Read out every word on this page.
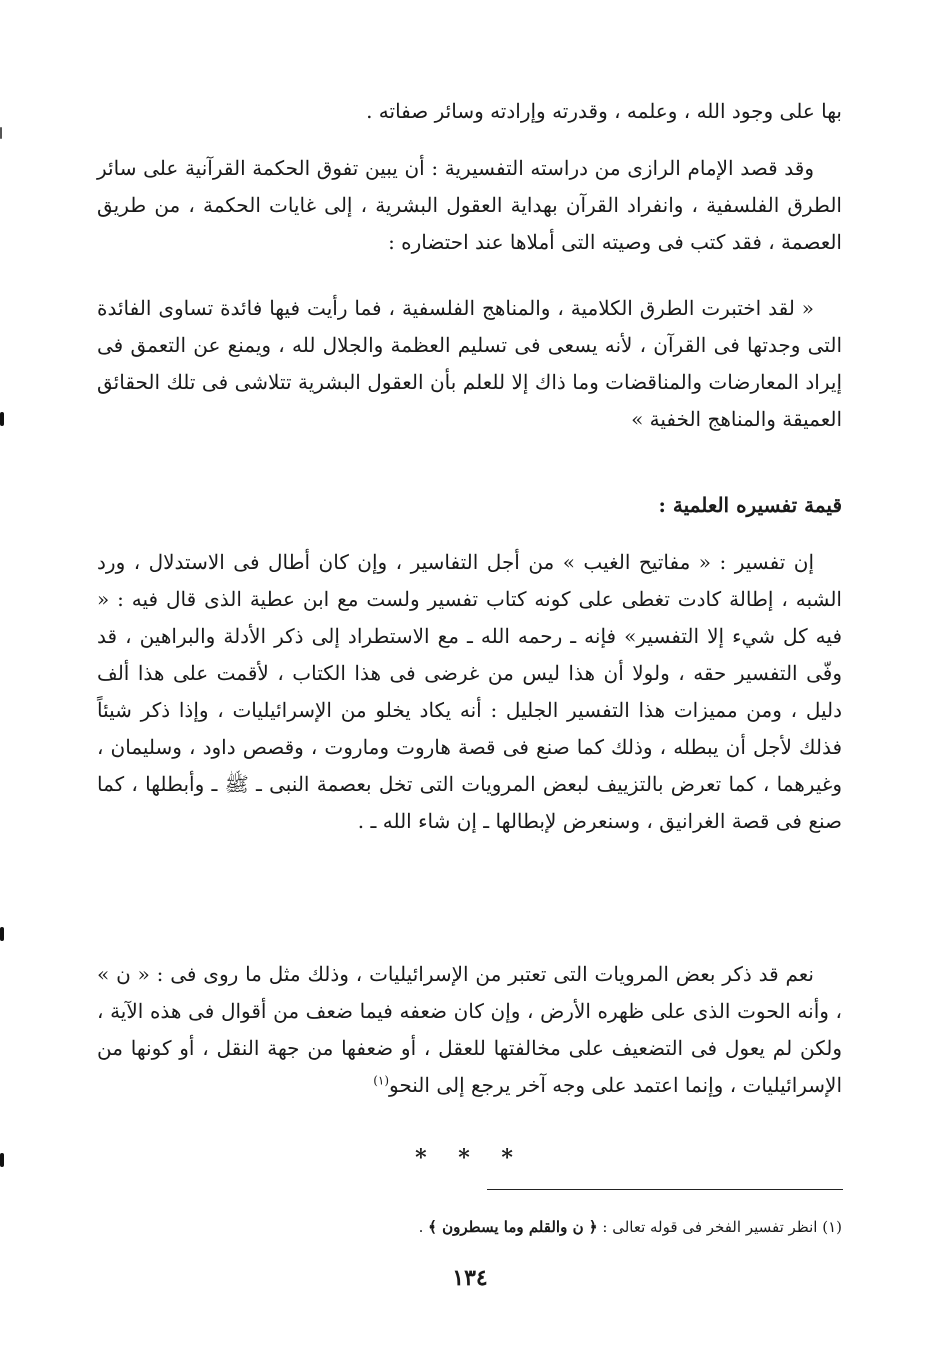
بها على وجود الله ، وعلمه ، وقدرته وإرادته وسائر صفاته .

وقد قصد الإمام الرازى من دراسته التفسيرية : أن يبين تفوق الحكمة القرآنية على سائر الطرق الفلسفية ، وانفراد القرآن بهداية العقول البشرية ، إلى غايات الحكمة ، من طريق العصمة ، فقد كتب فى وصيته التى أملاها عند احتضاره :

« لقد اختبرت الطرق الكلامية ، والمناهج الفلسفية ، فما رأيت فيها فائدة تساوى الفائدة التى وجدتها فى القرآن ، لأنه يسعى فى تسليم العظمة والجلال لله ، ويمنع عن التعمق فى إيراد المعارضات والمناقضات وما ذاك إلا للعلم بأن العقول البشرية تتلاشى فى تلك الحقائق العميقة والمناهج الخفية »

قيمة تفسيره العلمية :

إن تفسير : « مفاتيح الغيب » من أجل التفاسير ، وإن كان أطال فى الاستدلال ، ورد الشبه ، إطالة كادت تغطى على كونه كتاب تفسير ولست مع ابن عطية الذى قال فيه : « فيه كل شيء إلا التفسير» فإنه ـ رحمه الله ـ مع الاستطراد إلى ذكر الأدلة والبراهين ، قد وفّى التفسير حقه ، ولولا أن هذا ليس من غرضى فى هذا الكتاب ، لأقمت على هذا ألف دليل ، ومن مميزات هذا التفسير الجليل : أنه يكاد يخلو من الإسرائيليات ، وإذا ذكر شيئاً فذلك لأجل أن يبطله ، وذلك كما صنع فى قصة هاروت وماروت ، وقصص داود ، وسليمان ، وغيرهما ، كما تعرض بالتزييف لبعض المرويات التى تخل بعصمة النبى ـ ﷺ ـ وأبطلها ، كما صنع فى قصة الغرانيق ، وسنعرض لإبطالها ـ إن شاء الله ـ .

نعم قد ذكر بعض المرويات التى تعتبر من الإسرائيليات ، وذلك مثل ما روى فى : « ن » ، وأنه الحوت الذى على ظهره الأرض ، وإن كان ضعفه فيما ضعف من أقوال فى هذه الآية ، ولكن لم يعول فى التضعيف على مخالفتها للعقل ، أو ضعفها من جهة النقل ، أو كونها من الإسرائيليات ، وإنما اعتمد على وجه آخر يرجع إلى النحو$^{(١)}$

* * *

(١) انظر تفسير الفخر فى قوله تعالى : ﴿ ن والقلم وما يسطرون ﴾ .

١٣٤
